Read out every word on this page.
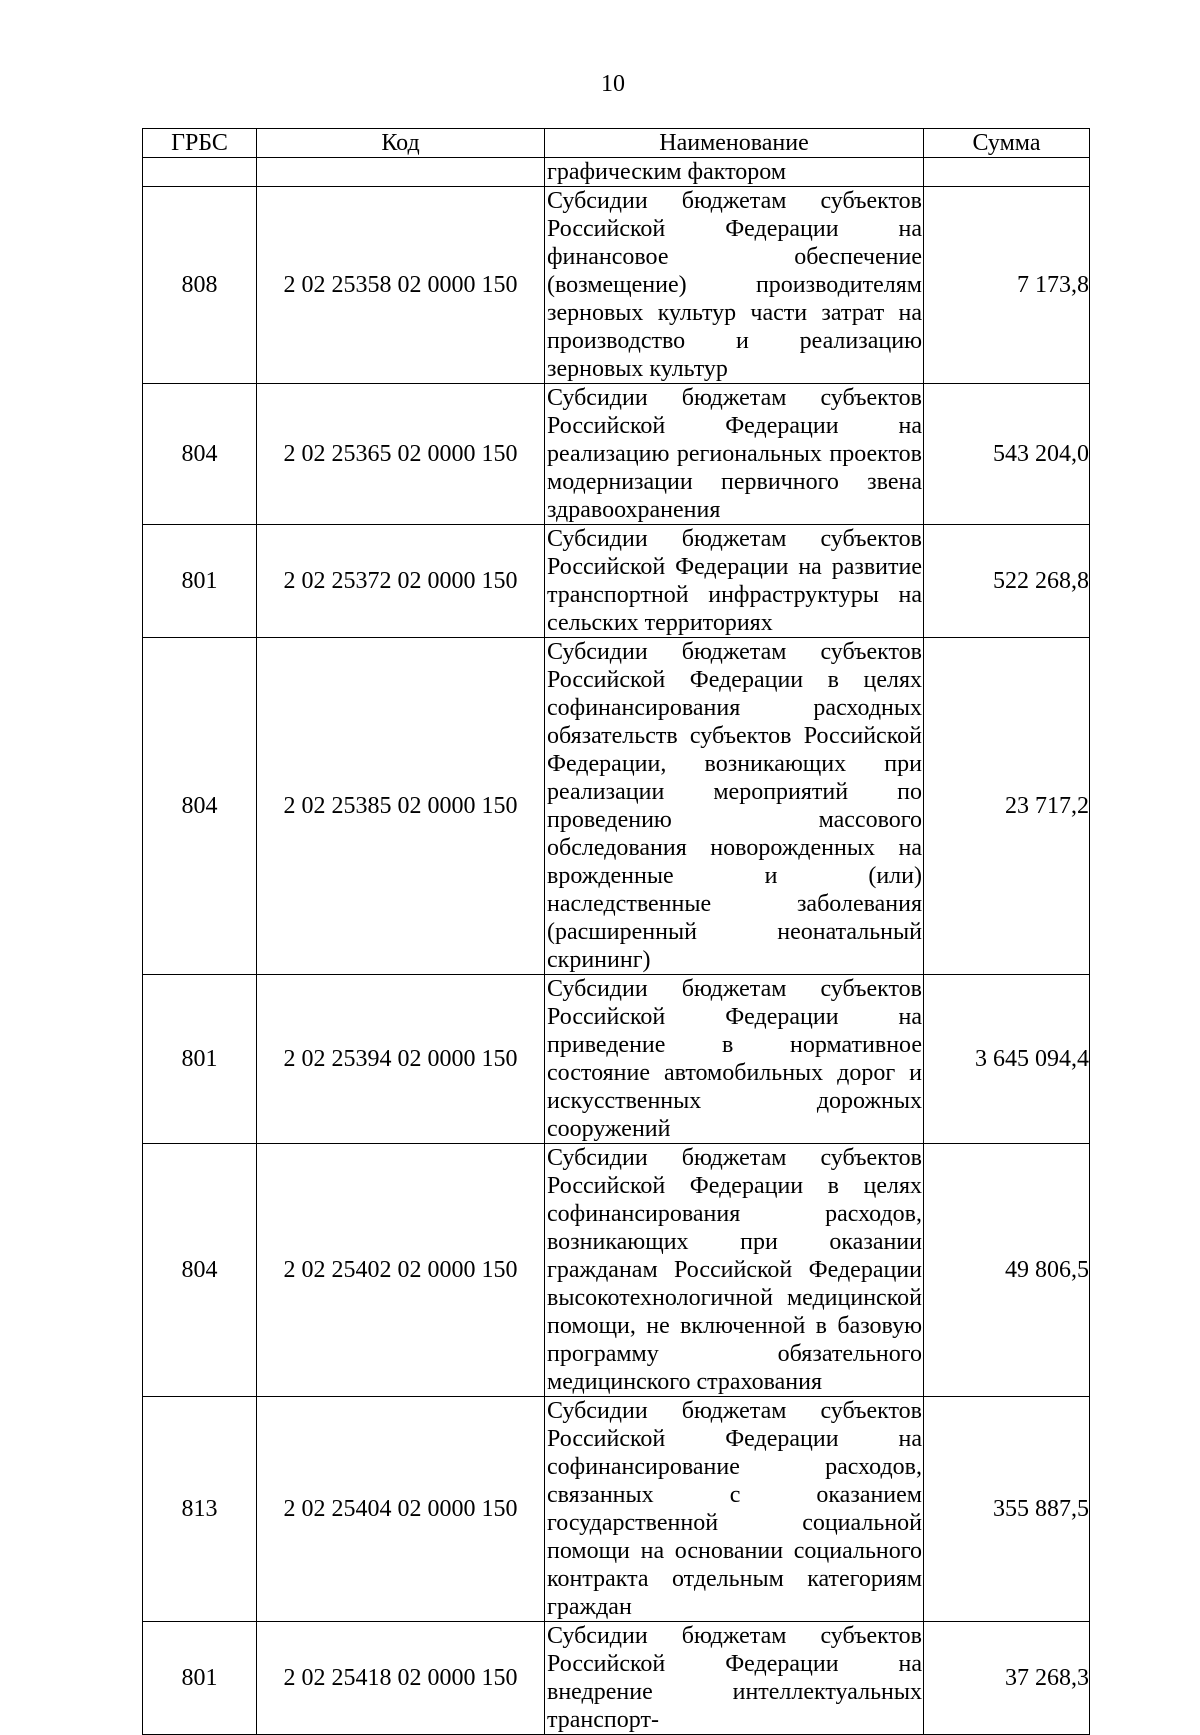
10
ГРБС	Код	Наименование	Сумма

		графическим фактором	

808	2 02 25358 02 0000 150	Субсидии бюджетам субъектов Российской Федерации на финансовое обеспечение (возмещение) производителям зерновых культур части затрат на производство и реализацию зерновых культур	7 173,8
804	2 02 25365 02 0000 150	Субсидии бюджетам субъектов Российской Федерации на реализацию региональных проектов модернизации первичного звена здравоохранения	543 204,0
801	2 02 25372 02 0000 150	Субсидии бюджетам субъектов Российской Федерации на развитие транспортной инфраструктуры на сельских территориях	522 268,8
804	2 02 25385 02 0000 150	Субсидии бюджетам субъектов Российской Федерации в целях софинансирования расходных обязательств субъектов Российской Федерации, возникающих при реализации мероприятий по проведению массового обследования новорожденных на врожденные и (или) наследственные заболевания (расширенный неонатальный скрининг)	23 717,2
801	2 02 25394 02 0000 150	Субсидии бюджетам субъектов Российской Федерации на приведение в нормативное состояние автомобильных дорог и искусственных дорожных сооружений	3 645 094,4
804	2 02 25402 02 0000 150	Субсидии бюджетам субъектов Российской Федерации в целях софинансирования расходов, возникающих при оказании гражданам Российской Федерации высокотехнологичной медицинской помощи, не включенной в базовую программу обязательного медицинского страхования	49 806,5
813	2 02 25404 02 0000 150	Субсидии бюджетам субъектов Российской Федерации на софинансирование расходов, связанных с оказанием государственной социальной помощи на основании социального контракта отдельным категориям граждан	355 887,5
801	2 02 25418 02 0000 150	Субсидии бюджетам субъектов Российской Федерации на внедрение интеллектуальных транспорт-	37 268,3
